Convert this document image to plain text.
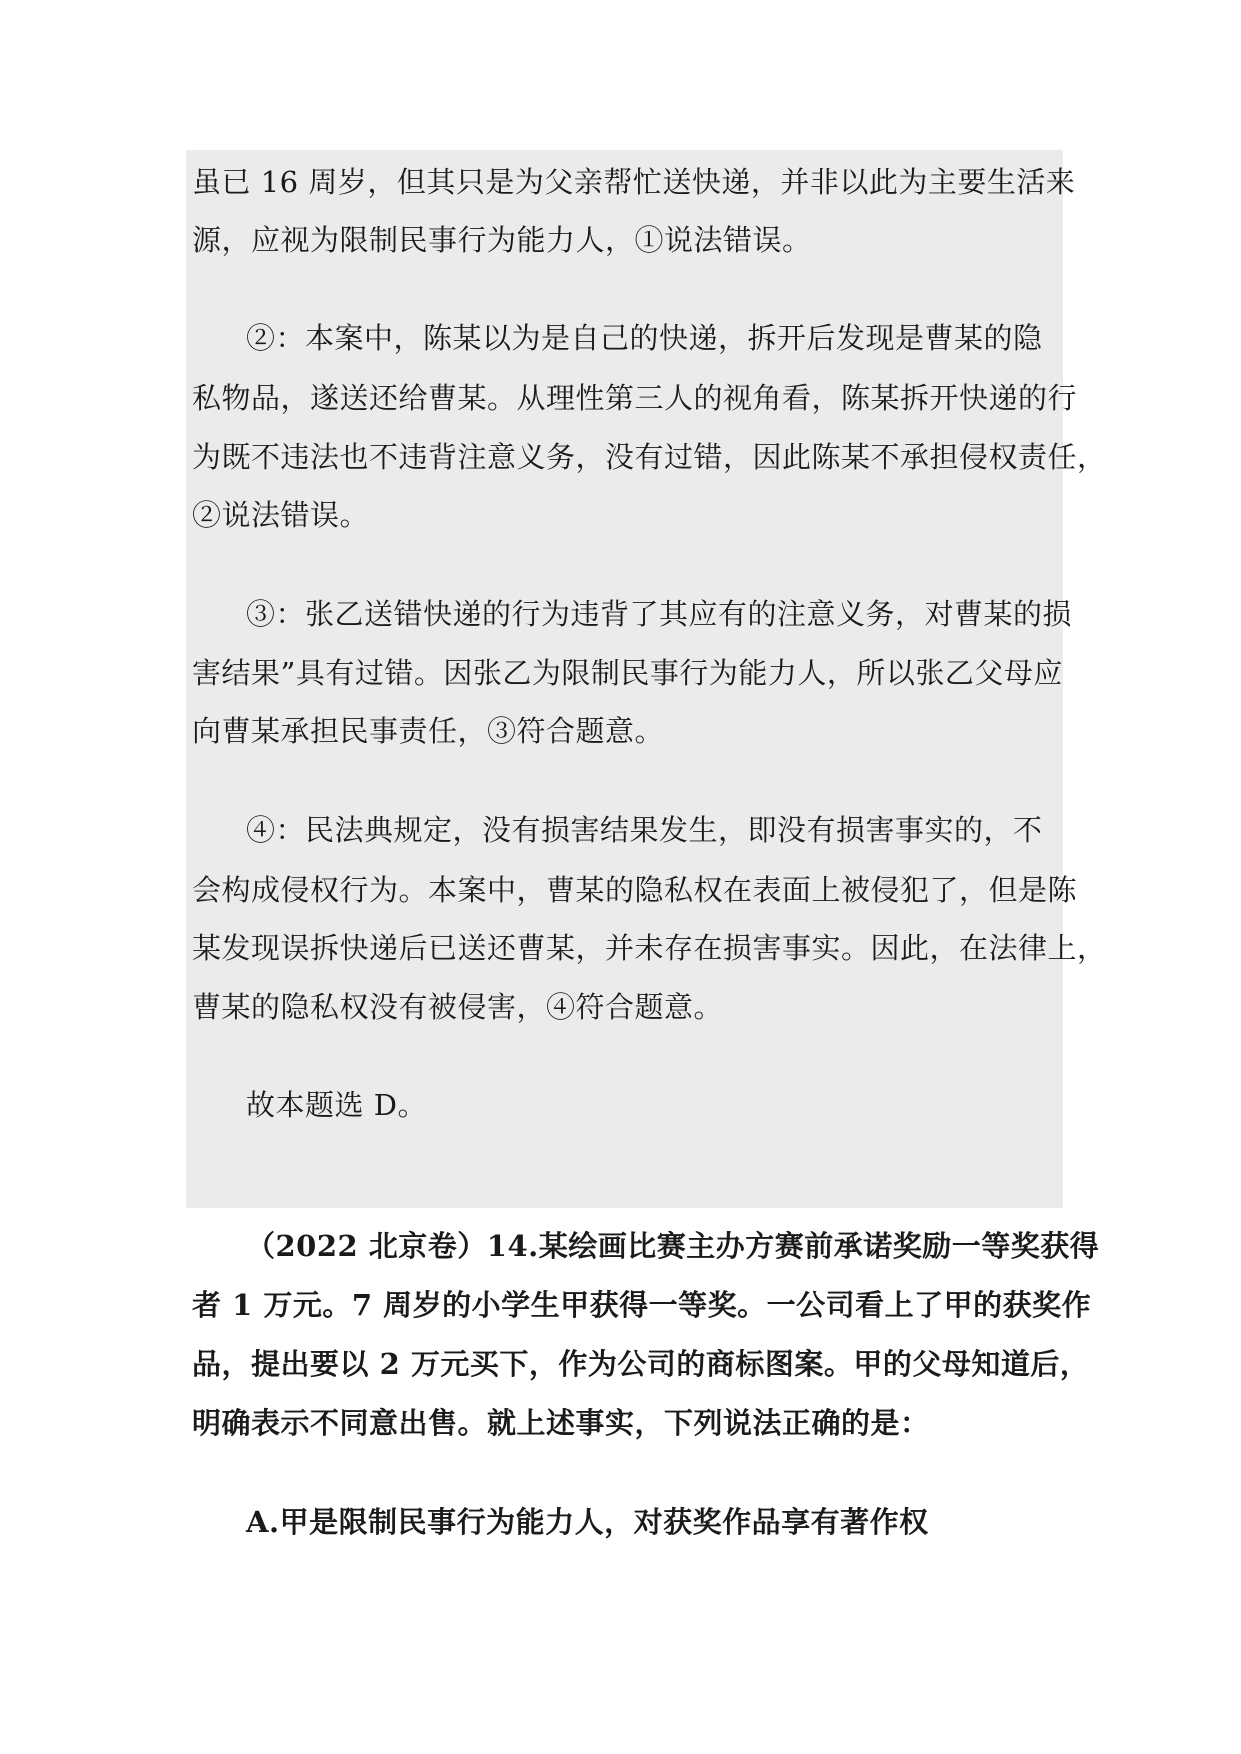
虽已 16 周岁，但其只是为父亲帮忙送快递，并非以此为主要生活来
源，应视为限制民事行为能力人，①说法错误。
②：本案中，陈某以为是自己的快递，拆开后发现是曹某的隐
私物品，遂送还给曹某。从理性第三人的视角看，陈某拆开快递的行
为既不违法也不违背注意义务，没有过错，因此陈某不承担侵权责任，
②说法错误。
③：张乙送错快递的行为违背了其应有的注意义务，对曹某的损
害结果”具有过错。因张乙为限制民事行为能力人，所以张乙父母应
向曹某承担民事责任，③符合题意。
④：民法典规定，没有损害结果发生，即没有损害事实的，不
会构成侵权行为。本案中，曹某的隐私权在表面上被侵犯了，但是陈
某发现误拆快递后已送还曹某，并未存在损害事实。因此，在法律上，
曹某的隐私权没有被侵害，④符合题意。
故本题选 D。
（2022 北京卷）14.某绘画比赛主办方赛前承诺奖励一等奖获得
者 1 万元。7 周岁的小学生甲获得一等奖。一公司看上了甲的获奖作
品，提出要以 2 万元买下，作为公司的商标图案。甲的父母知道后，
明确表示不同意出售。就上述事实，下列说法正确的是：
A.甲是限制民事行为能力人，对获奖作品享有著作权
